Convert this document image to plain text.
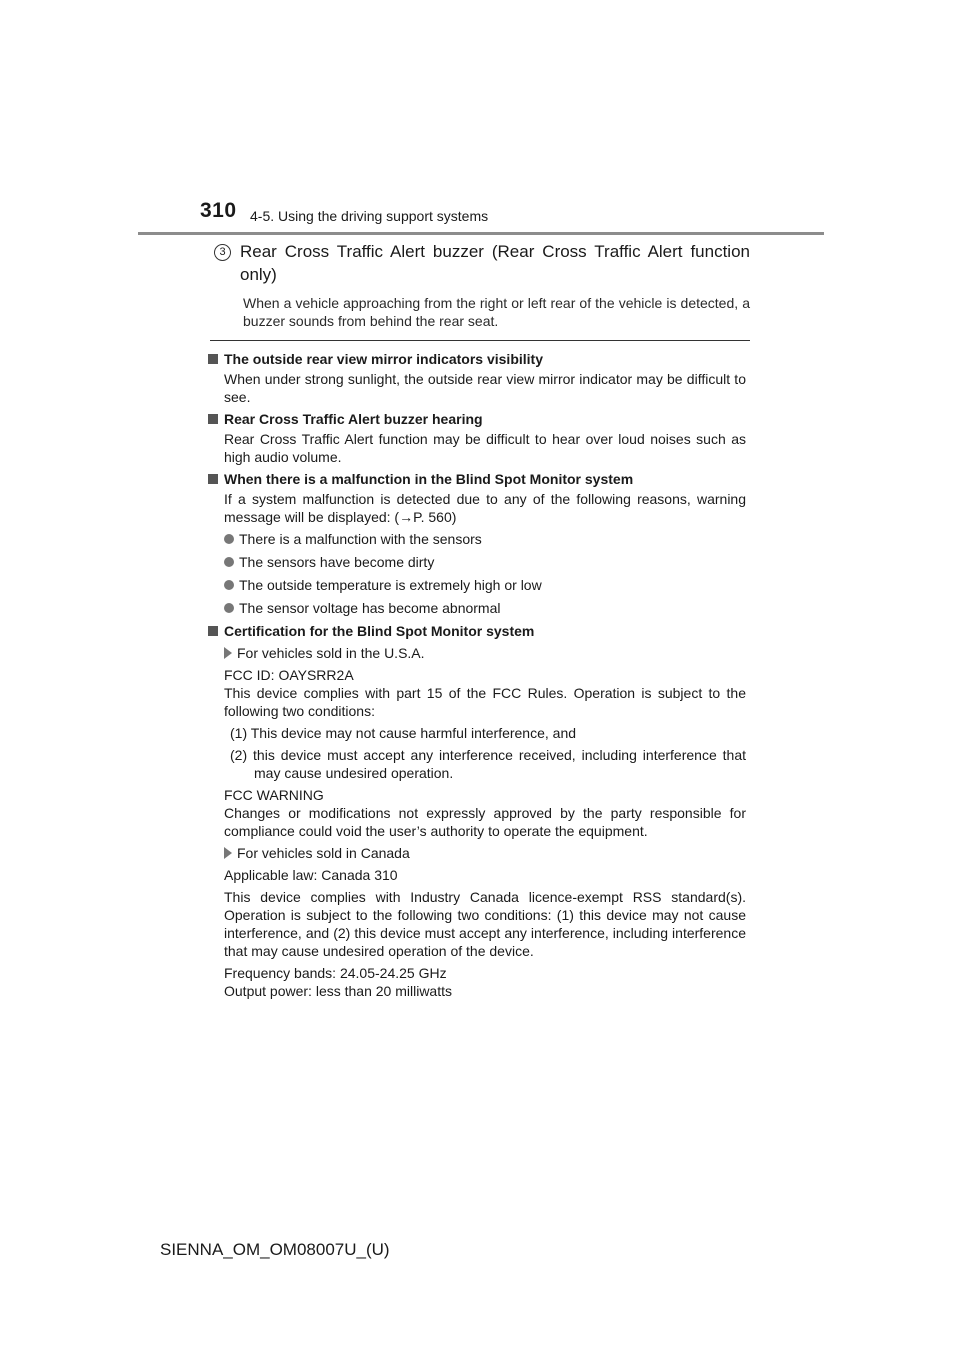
310 4-5. Using the driving support systems
3 Rear Cross Traffic Alert buzzer (Rear Cross Traffic Alert function only)
When a vehicle approaching from the right or left rear of the vehicle is detected, a buzzer sounds from behind the rear seat.
The outside rear view mirror indicators visibility
When under strong sunlight, the outside rear view mirror indicator may be difficult to see.
Rear Cross Traffic Alert buzzer hearing
Rear Cross Traffic Alert function may be difficult to hear over loud noises such as high audio volume.
When there is a malfunction in the Blind Spot Monitor system
If a system malfunction is detected due to any of the following reasons, warning message will be displayed: (→P. 560)
There is a malfunction with the sensors
The sensors have become dirty
The outside temperature is extremely high or low
The sensor voltage has become abnormal
Certification for the Blind Spot Monitor system
For vehicles sold in the U.S.A.
FCC ID: OAYSRR2A
This device complies with part 15 of the FCC Rules. Operation is subject to the following two conditions:
(1) This device may not cause harmful interference, and
(2) this device must accept any interference received, including interference that may cause undesired operation.
FCC WARNING
Changes or modifications not expressly approved by the party responsible for compliance could void the user’s authority to operate the equipment.
For vehicles sold in Canada
Applicable law: Canada 310
This device complies with Industry Canada licence-exempt RSS standard(s). Operation is subject to the following two conditions: (1) this device may not cause interference, and (2) this device must accept any interference, including interference that may cause undesired operation of the device.
Frequency bands: 24.05-24.25 GHz
Output power: less than 20 milliwatts
SIENNA_OM_OM08007U_(U)
